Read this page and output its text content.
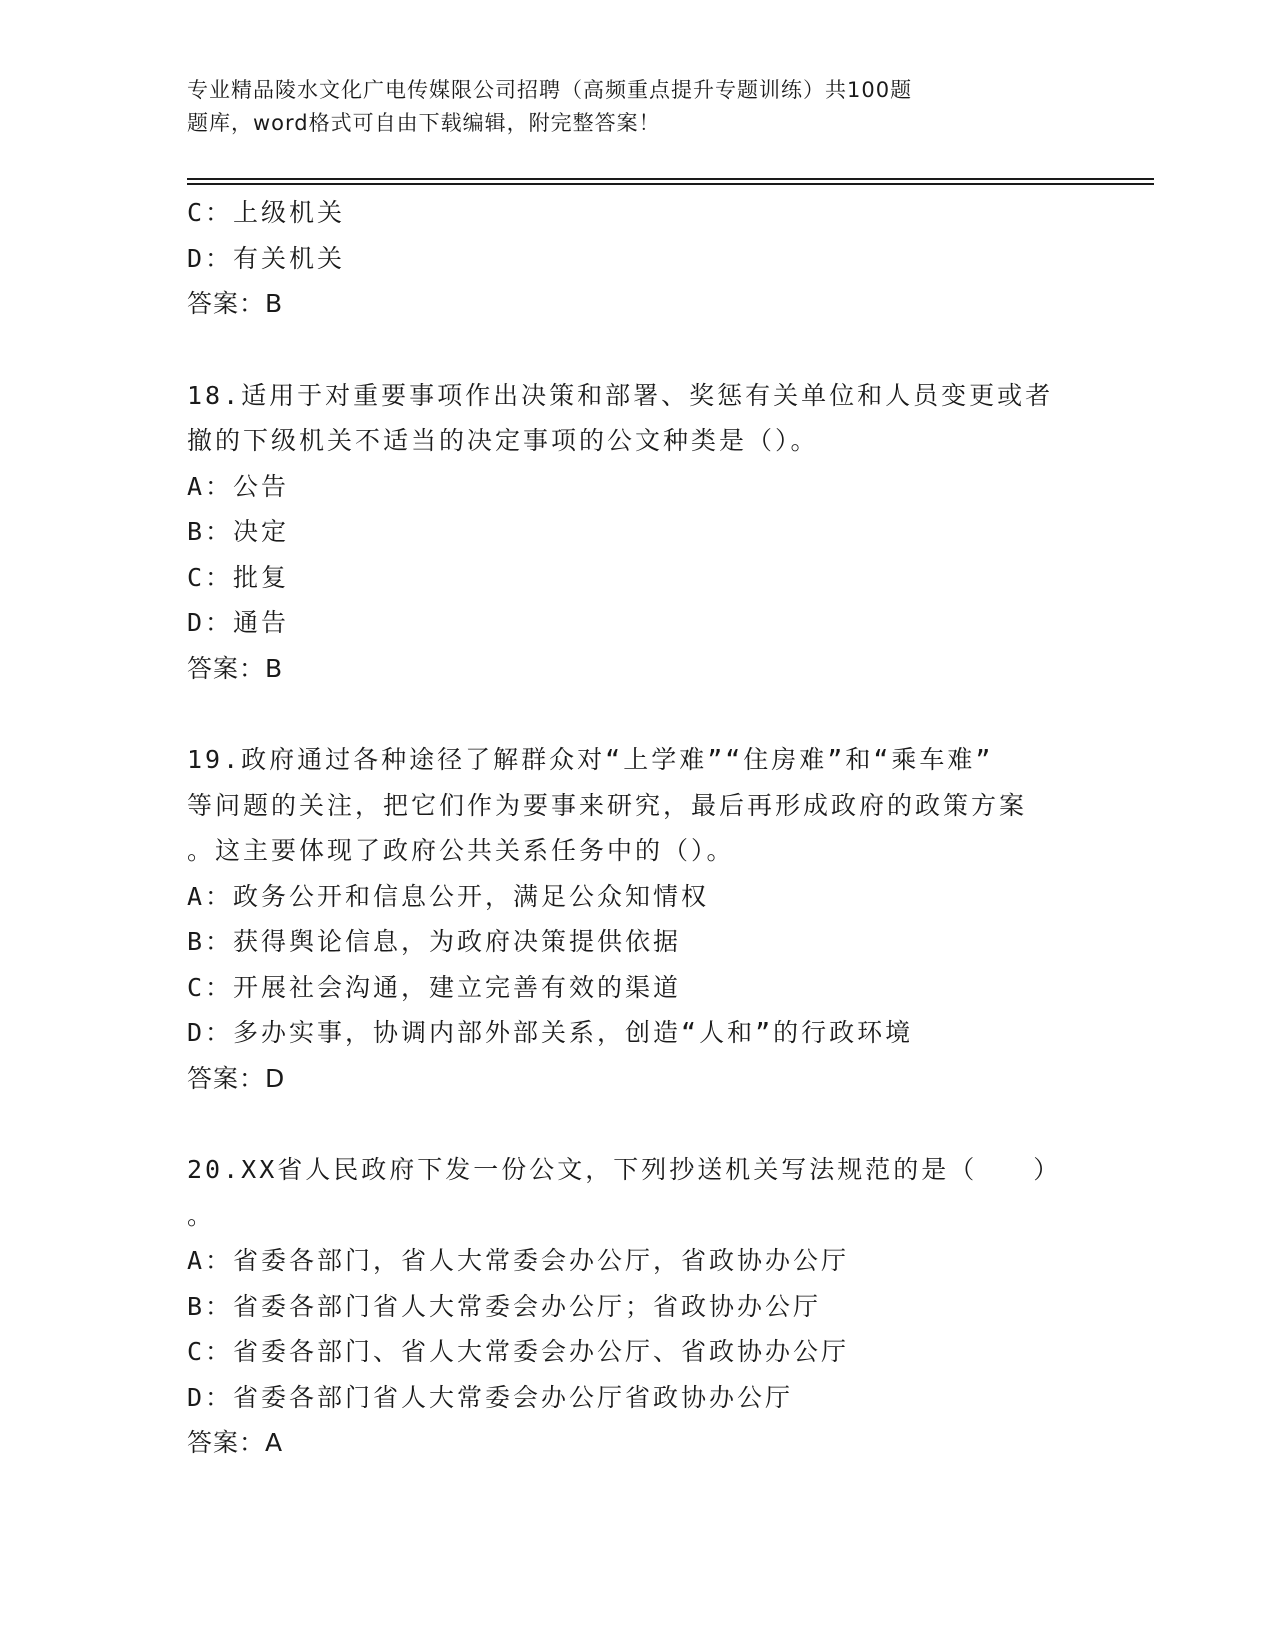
专业精品陵水文化广电传媒限公司招聘（高频重点提升专题训练）共100题
题库，word格式可自由下载编辑，附完整答案！
C：上级机关
D：有关机关
答案：B
18.适用于对重要事项作出决策和部署、奖惩有关单位和人员变更或者
撤的下级机关不适当的决定事项的公文种类是（）。
A：公告
B：决定
C：批复
D：通告
答案：B
19.政府通过各种途径了解群众对“上学难”“住房难”和“乘车难”
等问题的关注，把它们作为要事来研究，最后再形成政府的政策方案
。这主要体现了政府公共关系任务中的（）。
A：政务公开和信息公开，满足公众知情权
B：获得舆论信息，为政府决策提供依据
C：开展社会沟通，建立完善有效的渠道
D：多办实事，协调内部外部关系，创造“人和”的行政环境
答案：D
20.XX省人民政府下发一份公文，下列抄送机关写法规范的是（　　）
。
A：省委各部门，省人大常委会办公厅，省政协办公厅
B：省委各部门省人大常委会办公厅；省政协办公厅
C：省委各部门、省人大常委会办公厅、省政协办公厅
D：省委各部门省人大常委会办公厅省政协办公厅
答案：A
